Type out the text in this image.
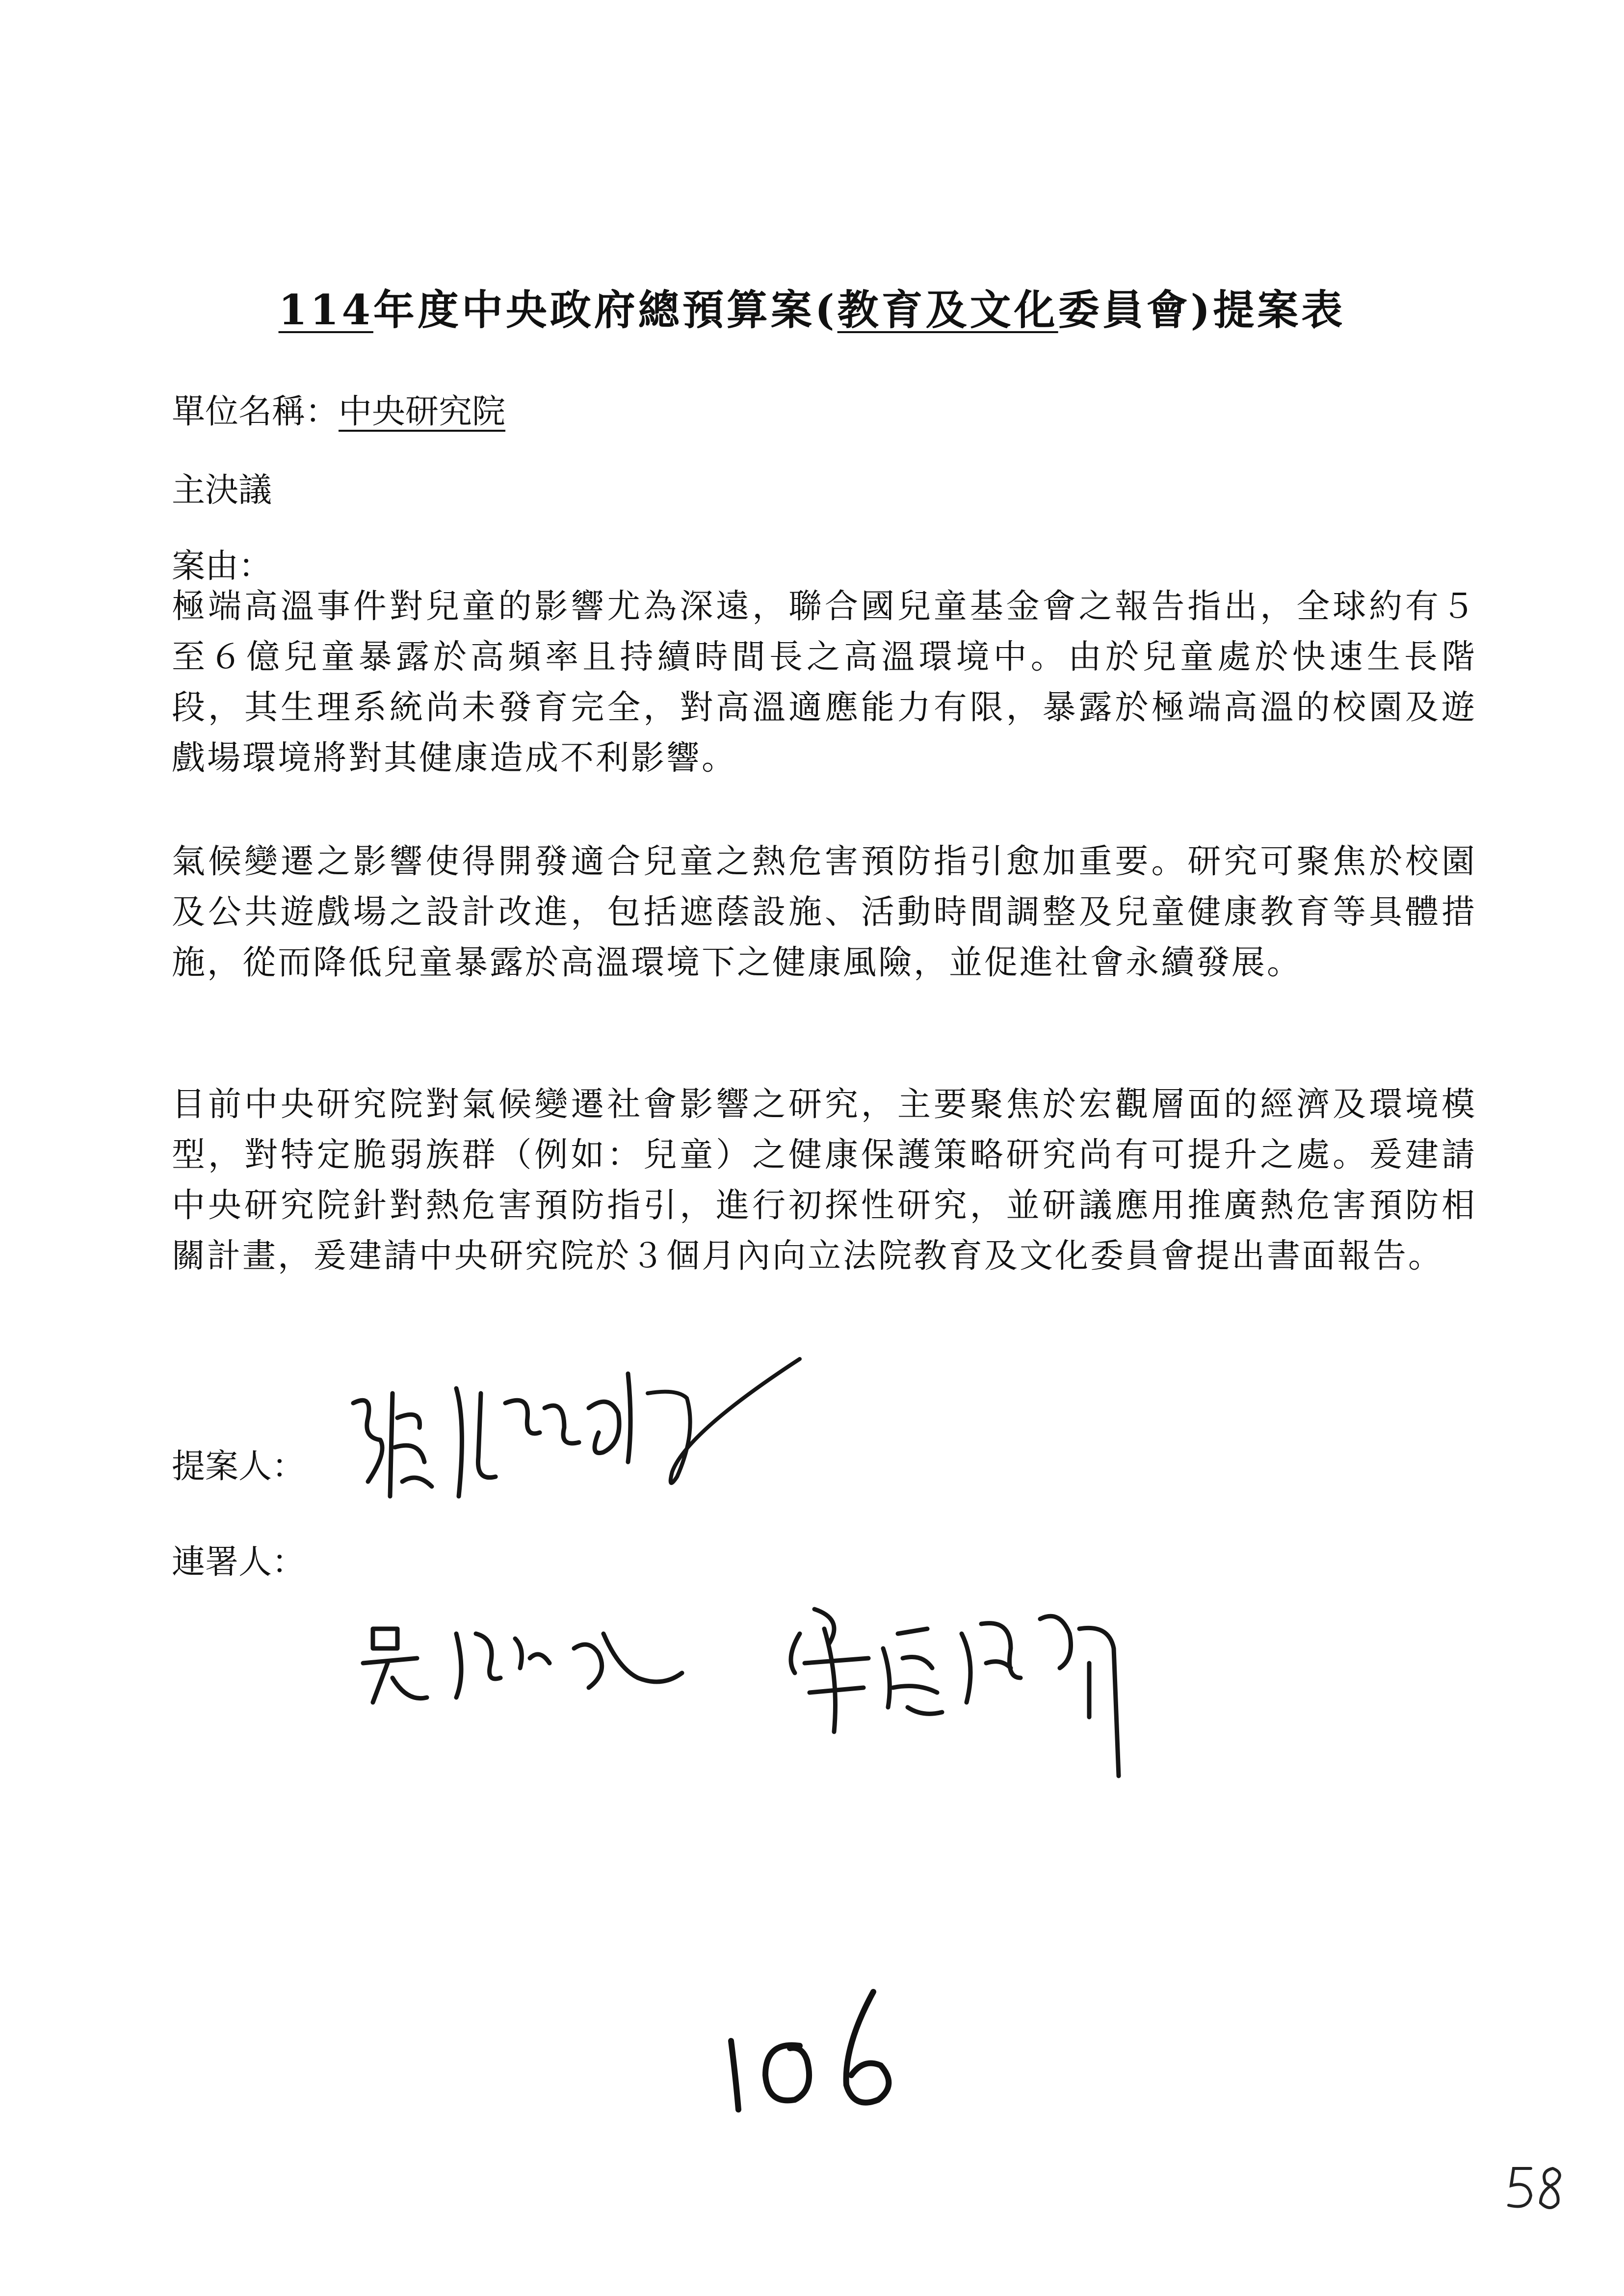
114年度中央政府總預算案(教育及文化委員會)提案表

單位名稱：中央研究院

主決議

案由：

極端高溫事件對兒童的影響尤為深遠，聯合國兒童基金會之報告指出，全球約有５至６億兒童暴露於高頻率且持續時間長之高溫環境中。由於兒童處於快速生長階段，其生理系統尚未發育完全，對高溫適應能力有限，暴露於極端高溫的校園及遊戲場環境將對其健康造成不利影響。

氣候變遷之影響使得開發適合兒童之熱危害預防指引愈加重要。研究可聚焦於校園及公共遊戲場之設計改進，包括遮蔭設施、活動時間調整及兒童健康教育等具體措施，從而降低兒童暴露於高溫環境下之健康風險，並促進社會永續發展。

目前中央研究院對氣候變遷社會影響之研究，主要聚焦於宏觀層面的經濟及環境模型，對特定脆弱族群（例如：兒童）之健康保護策略研究尚有可提升之處。爰建請中央研究院針對熱危害預防指引，進行初探性研究，並研議應用推廣熱危害預防相關計畫，爰建請中央研究院於３個月內向立法院教育及文化委員會提出書面報告。

提案人：

連署人：
